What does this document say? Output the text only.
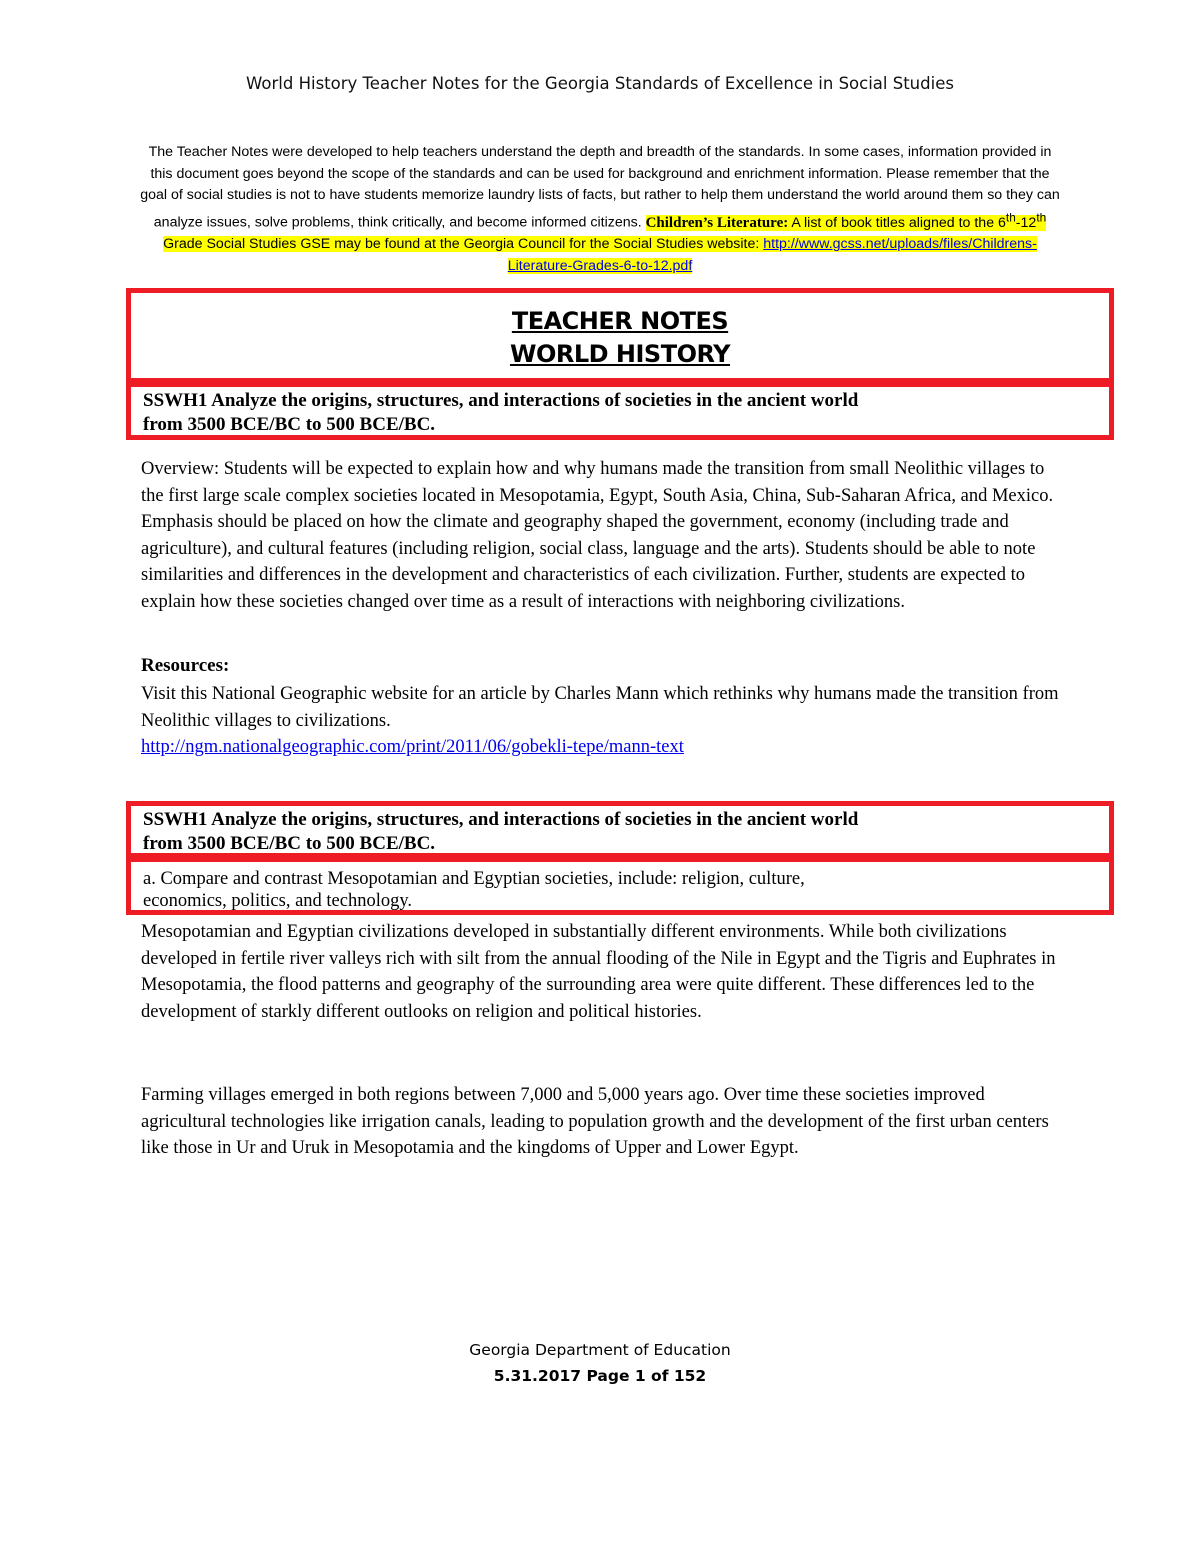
World History Teacher Notes for the Georgia Standards of Excellence in Social Studies
The Teacher Notes were developed to help teachers understand the depth and breadth of the standards. In some cases, information provided in this document goes beyond the scope of the standards and can be used for background and enrichment information. Please remember that the goal of social studies is not to have students memorize laundry lists of facts, but rather to help them understand the world around them so they can analyze issues, solve problems, think critically, and become informed citizens. Children’s Literature: A list of book titles aligned to the 6th-12th Grade Social Studies GSE may be found at the Georgia Council for the Social Studies website: http://www.gcss.net/uploads/files/Childrens-Literature-Grades-6-to-12.pdf
TEACHER NOTES
WORLD HISTORY
SSWH1 Analyze the origins, structures, and interactions of societies in the ancient world
from 3500 BCE/BC to 500 BCE/BC.

Overview: Students will be expected to explain how and why humans made the transition from small Neolithic villages to the first large scale complex societies located in Mesopotamia, Egypt, South Asia, China, Sub-Saharan Africa, and Mexico. Emphasis should be placed on how the climate and geography shaped the government, economy (including trade and agriculture), and cultural features (including religion, social class, language and the arts). Students should be able to note similarities and differences in the development and characteristics of each civilization. Further, students are expected to explain how these societies changed over time as a result of interactions with neighboring civilizations.

Resources:

Visit this National Geographic website for an article by Charles Mann which rethinks why humans made the transition from Neolithic villages to civilizations.
http://ngm.nationalgeographic.com/print/2011/06/gobekli-tepe/mann-text

SSWH1 Analyze the origins, structures, and interactions of societies in the ancient world
from 3500 BCE/BC to 500 BCE/BC.
a. Compare and contrast Mesopotamian and Egyptian societies, include: religion, culture,
economics, politics, and technology.

Mesopotamian and Egyptian civilizations developed in substantially different environments. While both civilizations developed in fertile river valleys rich with silt from the annual flooding of the Nile in Egypt and the Tigris and Euphrates in Mesopotamia, the flood patterns and geography of the surrounding area were quite different. These differences led to the development of starkly different outlooks on religion and political histories.

Farming villages emerged in both regions between 7,000 and 5,000 years ago. Over time these societies improved agricultural technologies like irrigation canals, leading to population growth and the development of the first urban centers like those in Ur and Uruk in Mesopotamia and the kingdoms of Upper and Lower Egypt.

Georgia Department of Education
5.31.2017 Page 1 of 152
